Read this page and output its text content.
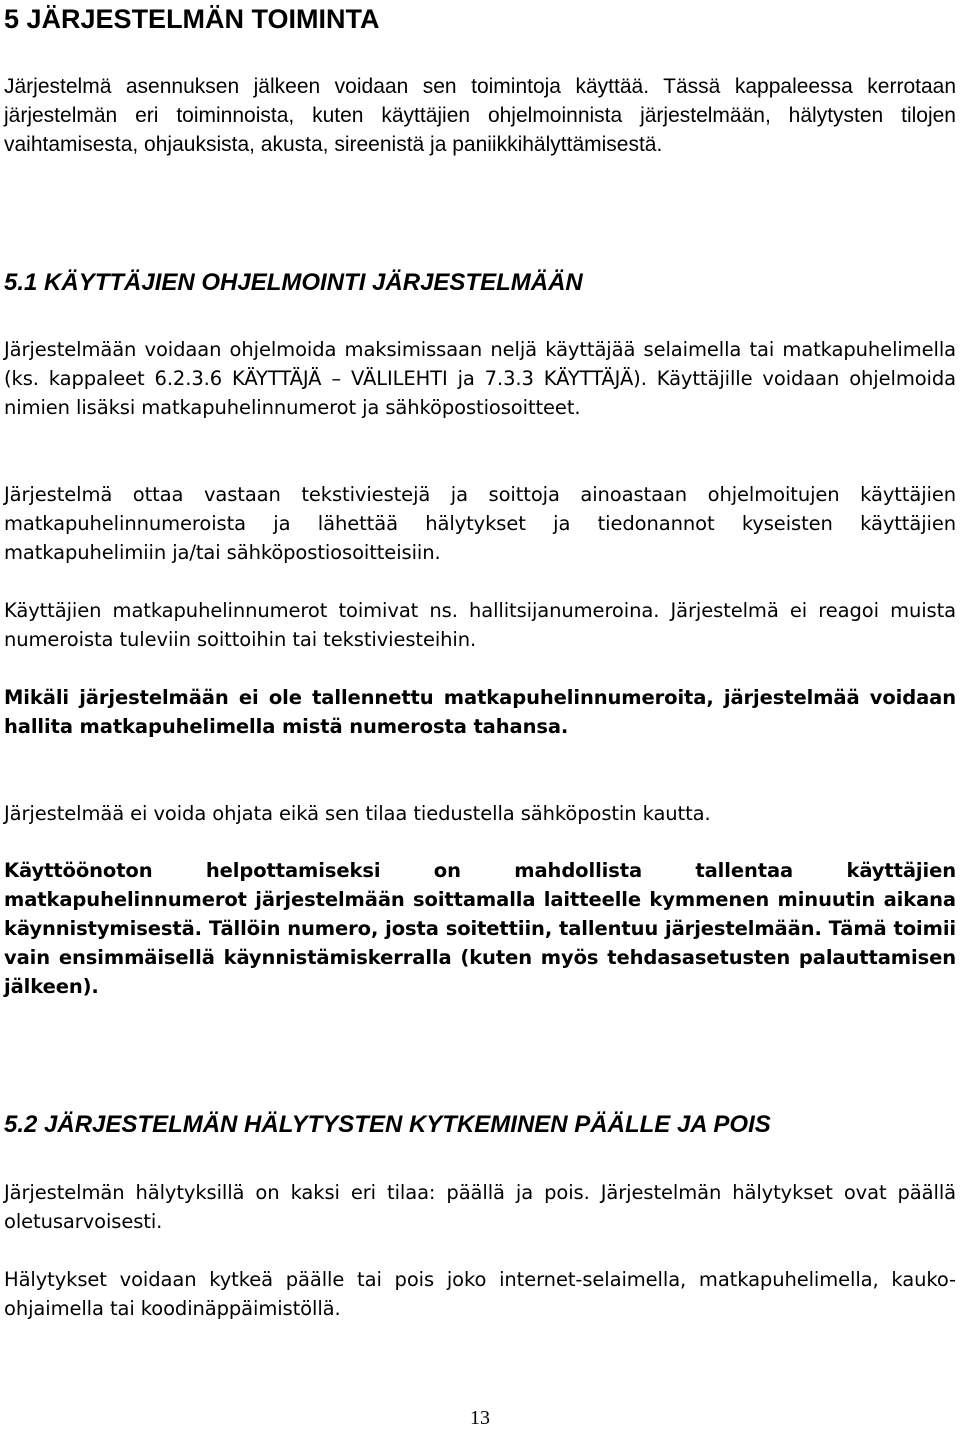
5 JÄRJESTELMÄN TOIMINTA

Järjestelmä asennuksen jälkeen voidaan sen toimintoja käyttää. Tässä kappaleessa kerrotaan järjestelmän eri toiminnoista, kuten käyttäjien ohjelmoinnista järjestelmään, hälytysten tilojen vaihtamisesta, ohjauksista, akusta, sireenistä ja paniikkihälyttämisestä.

5.1 KÄYTTÄJIEN OHJELMOINTI JÄRJESTELMÄÄN

Järjestelmään voidaan ohjelmoida maksimissaan neljä käyttäjää selaimella tai matkapuhelimella (ks. kappaleet 6.2.3.6 KÄYTTÄJÄ – VÄLILEHTI ja 7.3.3 KÄYTTÄJÄ). Käyttäjille voidaan ohjelmoida nimien lisäksi matkapuhelinnumerot ja sähköpostiosoitteet.

Järjestelmä ottaa vastaan tekstiviestejä ja soittoja ainoastaan ohjelmoitujen käyttäjien matkapuhelinnumeroista ja lähettää hälytykset ja tiedonannot kyseisten käyttäjien matkapuhelimiin ja/tai sähköpostiosoitteisiin.

Käyttäjien matkapuhelinnumerot toimivat ns. hallitsijanumeroina. Järjestelmä ei reagoi muista numeroista tuleviin soittoihin tai tekstiviesteihin.

Mikäli järjestelmään ei ole tallennettu matkapuhelinnumeroita, järjestelmää voidaan hallita matkapuhelimella mistä numerosta tahansa.

Järjestelmää ei voida ohjata eikä sen tilaa tiedustella sähköpostin kautta.

Käyttöönoton helpottamiseksi on mahdollista tallentaa käyttäjien matkapuhelinnumerot järjestelmään soittamalla laitteelle kymmenen minuutin aikana käynnistymisestä. Tällöin numero, josta soitettiin, tallentuu järjestelmään. Tämä toimii vain ensimmäisellä käynnistämiskerralla (kuten myös tehdasasetusten palauttamisen jälkeen).

5.2 JÄRJESTELMÄN HÄLYTYSTEN KYTKEMINEN PÄÄLLE JA POIS

Järjestelmän hälytyksillä on kaksi eri tilaa: päällä ja pois. Järjestelmän hälytykset ovat päällä oletusarvoisesti.

Hälytykset voidaan kytkeä päälle tai pois joko internet-selaimella, matkapuhelimella, kauko-ohjaimella tai koodinäppäimistöllä.

13
